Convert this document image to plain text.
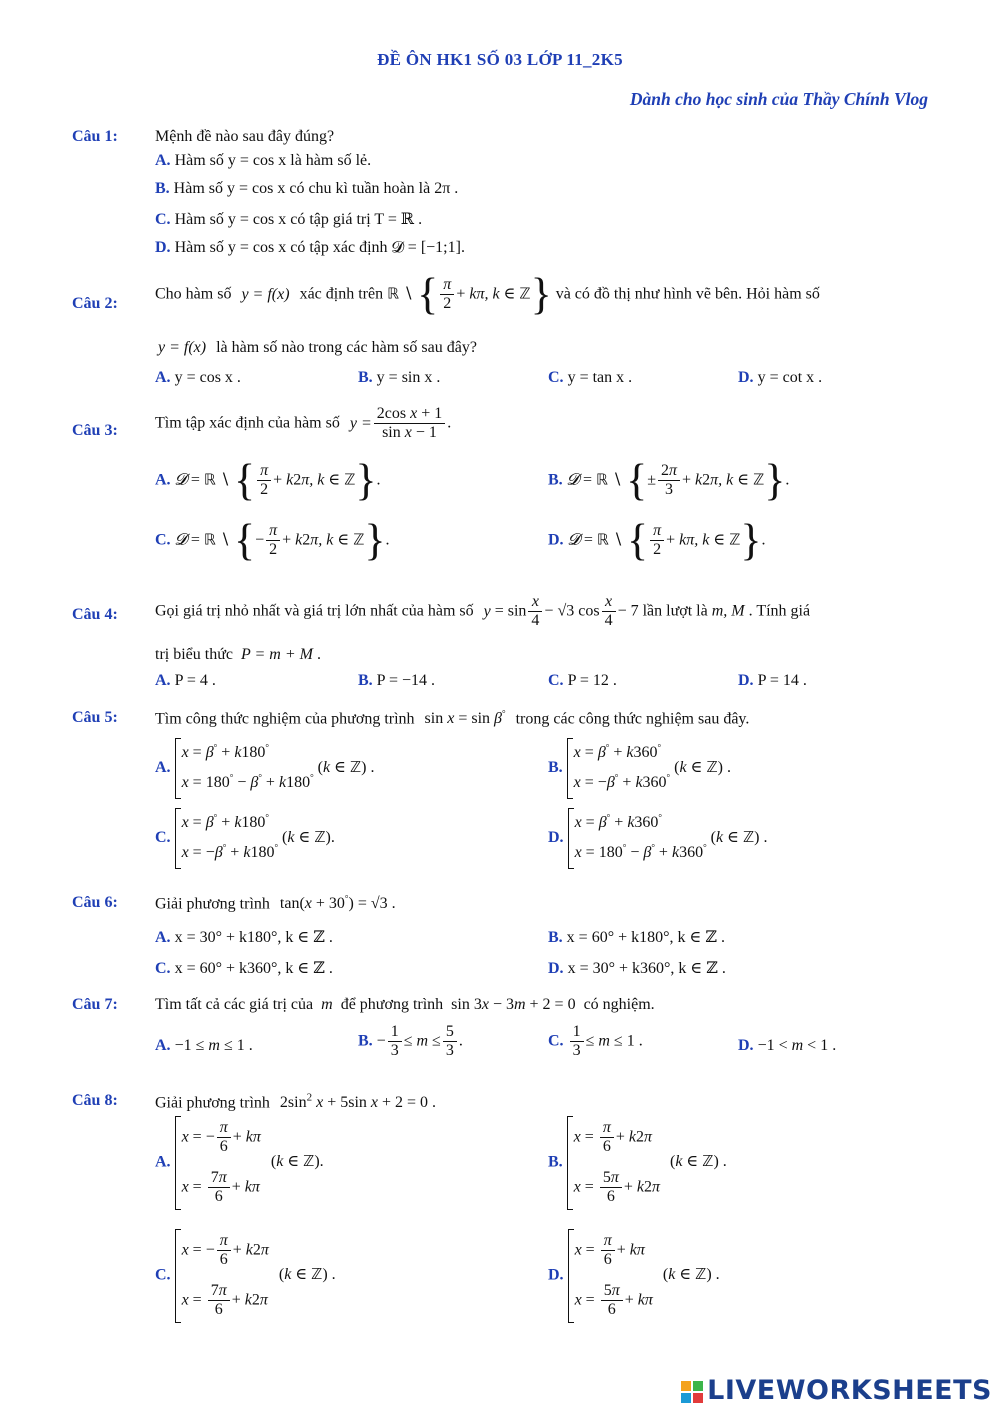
ĐỀ ÔN HK1 SỐ 03 LỚP 11_2K5
Dành cho học sinh của Thầy Chính Vlog
Câu 1: Mệnh đề nào sau đây đúng?
A. Hàm số y = cos x là hàm số lẻ.
B. Hàm số y = cos x có chu kì tuần hoàn là 2π .
C. Hàm số y = cos x có tập giá trị T = ℝ .
D. Hàm số y = cos x có tập xác định 𝓓 = [−1;1].
Câu 2:
Cho hàm số y = f(x) xác định trên ℝ ∖ { $\frac{\pi}{2} + k\pi$, k ∈ ℤ} và có đồ thị như hình vẽ bên. Hỏi hàm số
y = f(x) là hàm số nào trong các hàm số sau đây?
A. y = cos x .	B. y = sin x .	C. y = tan x .	D. y = cot x .
Câu 3: Tìm tập xác định của hàm số $y = \frac{\text{2cos x + 1}}{\text{sin x − 1}}$ .
A. 𝓓 = ℝ ∖ { $\frac{\pi}{2} + k2\pi$, k ∈ ℤ}.	B. 𝓓 = ℝ ∖ {± $\frac{2\pi}{3} + k2\pi$, k ∈ ℤ}.
C. 𝓓 = ℝ ∖ {− $\frac{\pi}{2} + k2\pi$, k ∈ ℤ}.	D. 𝓓 = ℝ ∖ { $\frac{\pi}{2} + k\pi$, k ∈ ℤ}.
Câu 4: Gọi giá trị nhỏ nhất và giá trị lớn nhất của hàm số $y = \sin \frac{x}{4} - √3$ $\cos \frac{x}{4} - 7$ lần lượt là m, M . Tính giá
trị biểu thức P = m + M .
A. P = 4 .	B. P = −14 .	C. P = 12 .	D. P = 14 .
Câu 5: Tìm công thức nghiệm của phương trình sin x = sin β° trong các công thức nghiệm sau đây.
A.
x = β° + k180°
x = 180° − β° + k180°
(k ∈ ℤ) .	B.
x = β° + k360°
x = −β° + k360°
(k ∈ ℤ) .
C.
x = β° + k180°
x = −β° + k180°
(k ∈ ℤ).	D.
x = β° + k360°
x = 180° − β° + k360°
(k ∈ ℤ) .
Câu 6: Giải phương trình tan(x + 30°) = √3 .
A. x = 30° + k180°, k ∈ ℤ .	B. x = 60° + k180°, k ∈ ℤ .
C. x = 60° + k360°, k ∈ ℤ .	D. x = 30° + k360°, k ∈ ℤ .
Câu 7: Tìm tất cả các giá trị của m để phương trình sin 3x − 3m + 2 = 0 có nghiệm.
A. −1 ≤ m ≤ 1 .	B. − $\frac{1}{3} \le m \le \frac{5}{3}$ .	C. $\frac{1}{3} \le m \le 1$ .	D. −1 < m < 1 .
Câu 8: Giải phương trình $2\sin^2$ x + 5sin x + 2 = 0 .
A.
x = − $\frac{\pi}{6} + k\pi$
$x = \frac{7\pi}{6} + k\pi$
(k ∈ ℤ).	B.
$x = \frac{\pi}{6} + k2\pi$
$x = \frac{5\pi}{6} + k2\pi$
(k ∈ ℤ) .
C.
x = − $\frac{\pi}{6} + k2\pi$
$x = \frac{7\pi}{6} + k2\pi$
(k ∈ ℤ) .	D.
$x = \frac{\pi}{6} + k\pi$
$x = \frac{5\pi}{6} + k\pi$
(k ∈ ℤ) .
LIVEWORKSHEETS
